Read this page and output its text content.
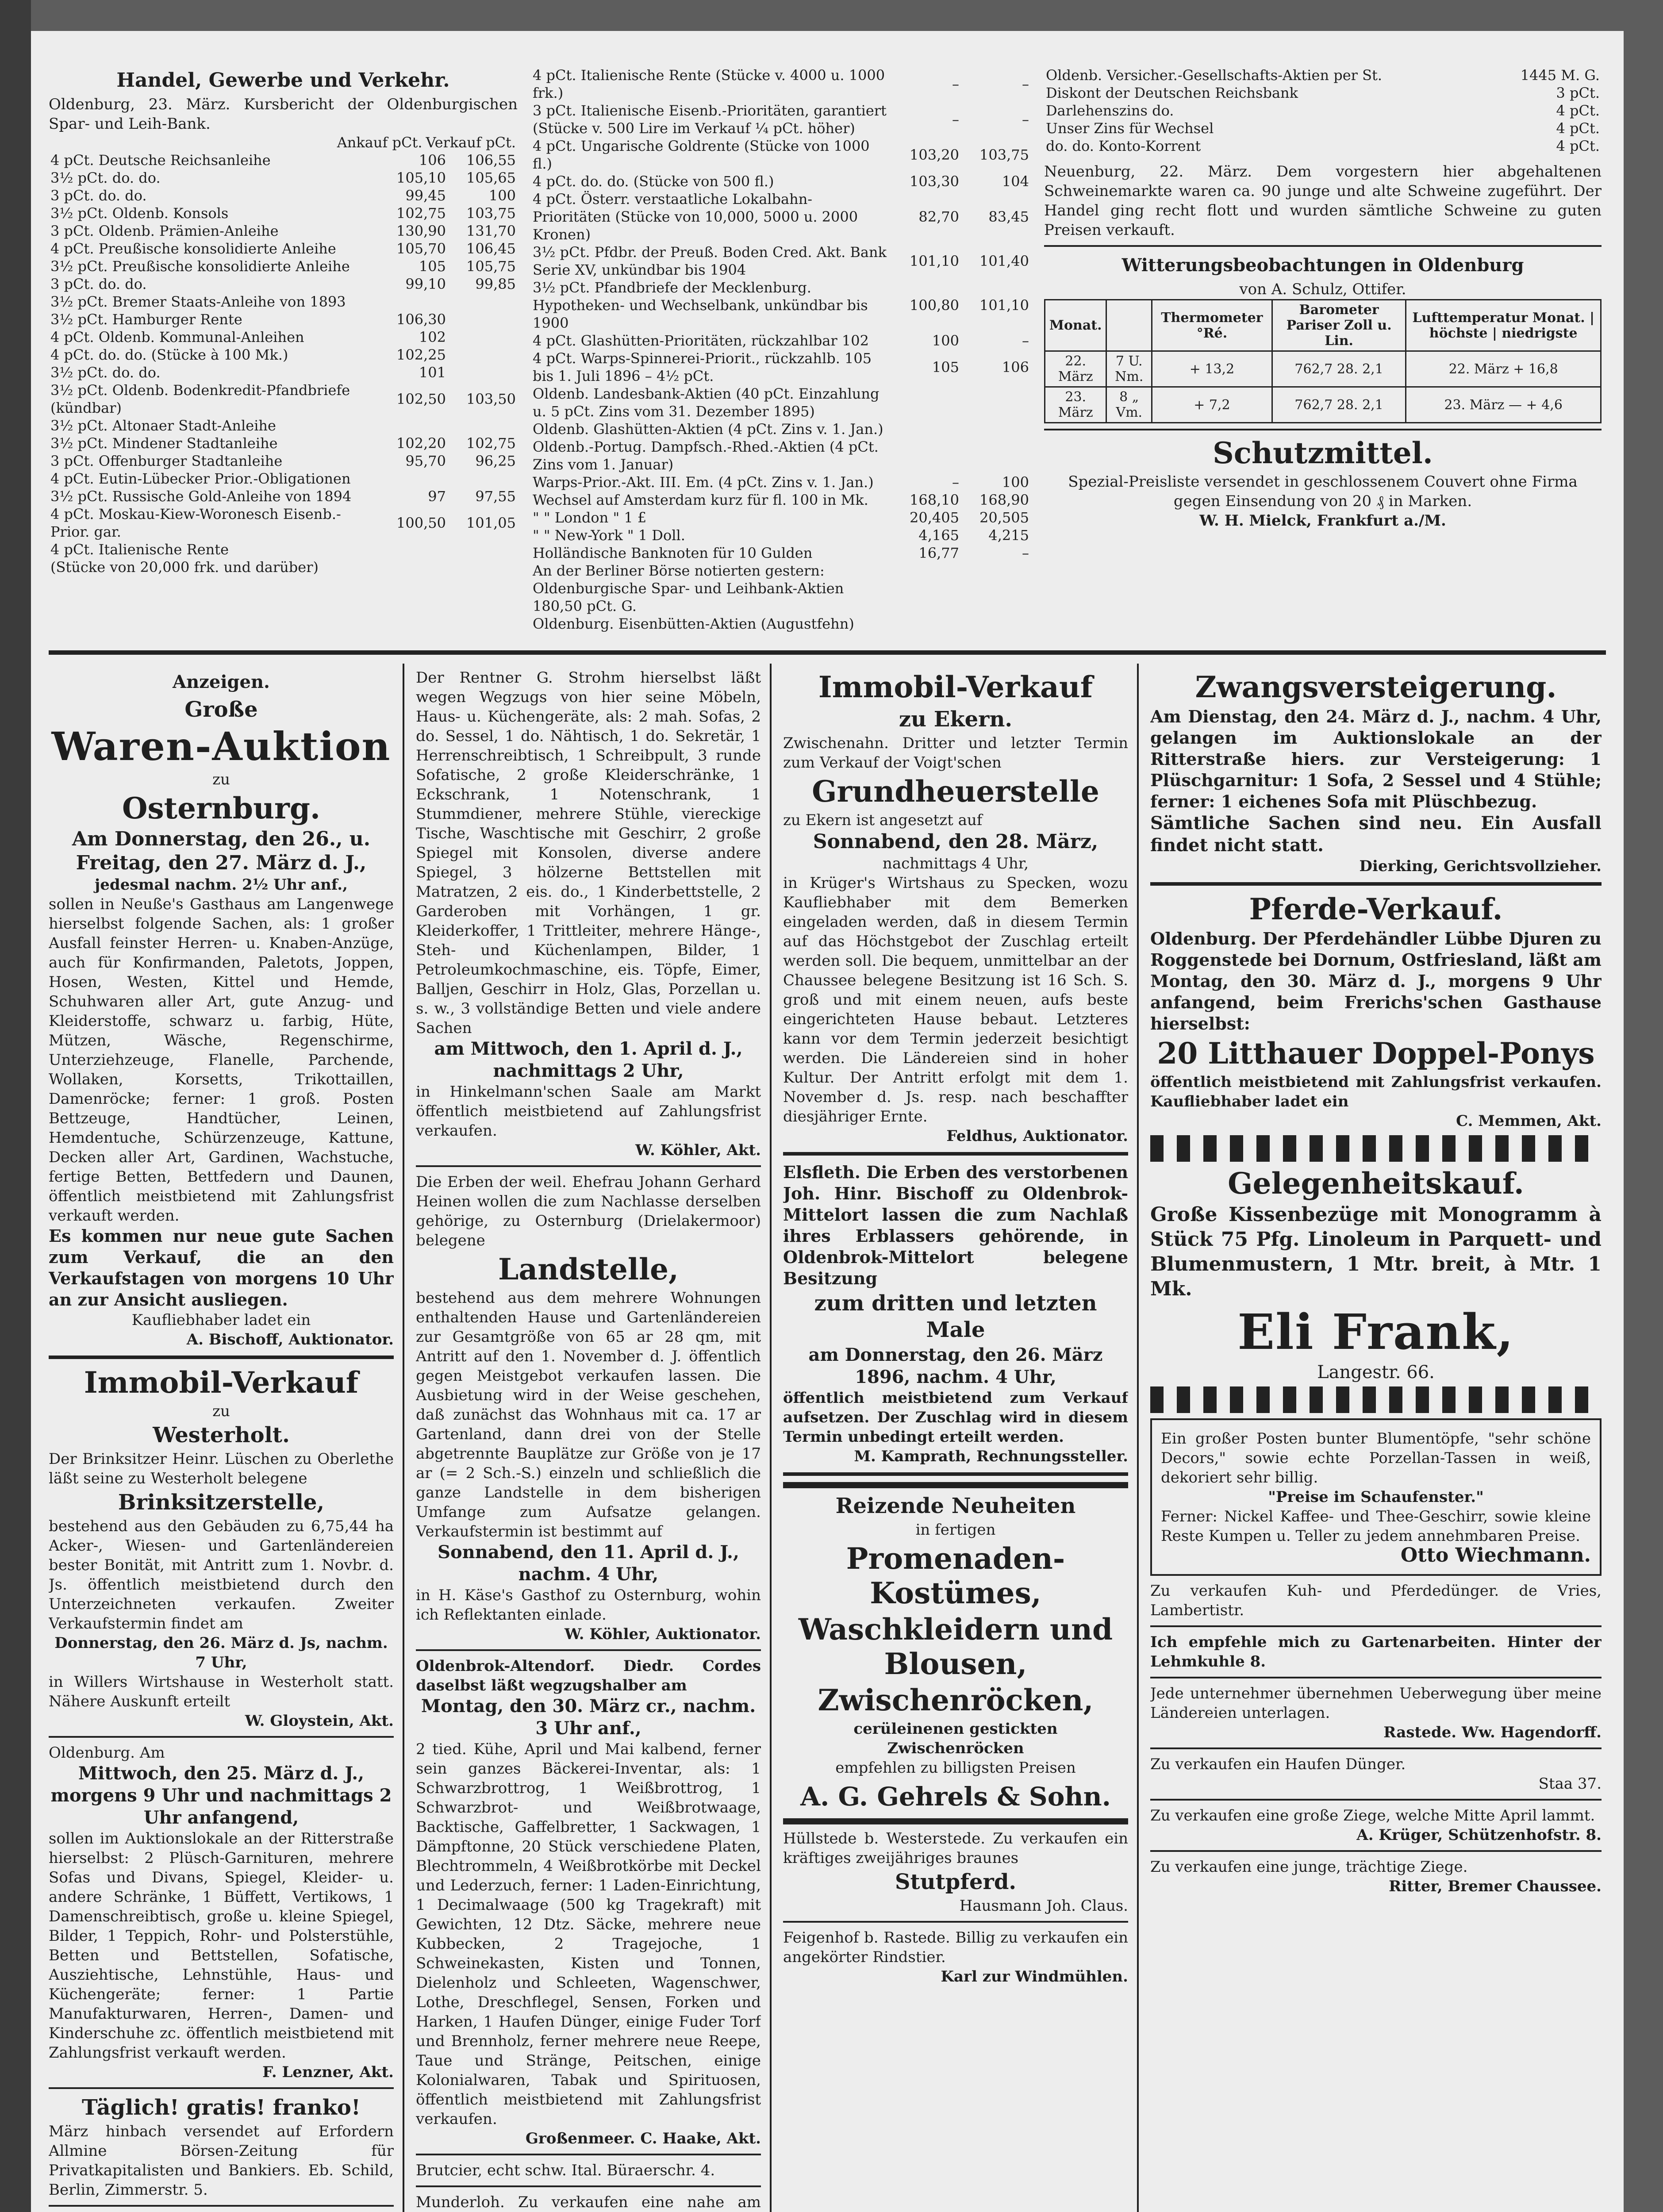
Handel, Gewerbe und Verkehr.

Oldenburg, 23. März. Kursbericht der Oldenburgischen Spar- und Leih-Bank.

	Ankauf pCt.	Verkauf pCt.
4 pCt. Deutsche Reichsanleihe	106	106,55
3½ pCt. do. do.	105,10	105,65
3 pCt. do. do.	99,45	100
3½ pCt. Oldenb. Konsols	102,75	103,75
3 pCt. Oldenb. Prämien-Anleihe	130,90	131,70
4 pCt. Preußische konsolidierte Anleihe	105,70	106,45
3½ pCt. Preußische konsolidierte Anleihe	105	105,75
3 pCt. do. do.	99,10	99,85
3½ pCt. Bremer Staats-Anleihe von 1893		
3½ pCt. Hamburger Rente	106,30	
4 pCt. Oldenb. Kommunal-Anleihen	102	
4 pCt. do. do. (Stücke à 100 Mk.)	102,25	
3½ pCt. do. do.	101	
3½ pCt. Oldenb. Bodenkredit-Pfandbriefe (kündbar)	102,50	103,50
3½ pCt. Altonaer Stadt-Anleihe		
3½ pCt. Mindener Stadtanleihe	102,20	102,75
3 pCt. Offenburger Stadtanleihe	95,70	96,25
4 pCt. Eutin-Lübecker Prior.-Obligationen		
3½ pCt. Russische Gold-Anleihe von 1894	97	97,55
4 pCt. Moskau-Kiew-Woronesch Eisenb.-Prior. gar.	100,50	101,05
4 pCt. Italienische Rente		
(Stücke von 20,000 frk. und darüber)		
4 pCt. Italienische Rente (Stücke v. 4000 u. 1000 frk.)	–	–
3 pCt. Italienische Eisenb.-Prioritäten, garantiert (Stücke v. 500 Lire im Verkauf ¼ pCt. höher)	–	–
4 pCt. Ungarische Goldrente (Stücke von 1000 fl.)	103,20	103,75
4 pCt. do. do. (Stücke von 500 fl.)	103,30	104
4 pCt. Österr. verstaatliche Lokalbahn-Prioritäten (Stücke von 10,000, 5000 u. 2000 Kronen)	82,70	83,45
3½ pCt. Pfdbr. der Preuß. Boden Cred. Akt. Bank Serie XV, unkündbar bis 1904	101,10	101,40
3½ pCt. Pfandbriefe der Mecklenburg. Hypotheken- und Wechselbank, unkündbar bis 1900	100,80	101,10
4 pCt. Glashütten-Prioritäten, rückzahlbar 102	100	–
4 pCt. Warps-Spinnerei-Priorit., rückzahlb. 105 bis 1. Juli 1896 – 4½ pCt.	105	106
Oldenb. Landesbank-Aktien (40 pCt. Einzahlung u. 5 pCt. Zins vom 31. Dezember 1895)		
Oldenb. Glashütten-Aktien (4 pCt. Zins v. 1. Jan.)		
Oldenb.-Portug. Dampfsch.-Rhed.-Aktien (4 pCt. Zins vom 1. Januar)		
Warps-Prior.-Akt. III. Em. (4 pCt. Zins v. 1. Jan.)	–	100
Wechsel auf Amsterdam kurz für fl. 100 in Mk.	168,10	168,90
" " London " 1 £	20,405	20,505
" " New-York " 1 Doll.	4,165	4,215
Holländische Banknoten für 10 Gulden	16,77	–
An der Berliner Börse notierten gestern:		
Oldenburgische Spar- und Leihbank-Aktien 180,50 pCt. G.		
Oldenburg. Eisenbütten-Aktien (Augustfehn)		
Oldenb. Versicher.-Gesellschafts-Aktien per St.	1445 M. G.
Diskont der Deutschen Reichsbank	3 pCt.
Darlehenszins do.	4 pCt.
Unser Zins für Wechsel	4 pCt.
do. do. Konto-Korrent	4 pCt.

Neuenburg, 22. März. Dem vorgestern hier abgehaltenen Schweinemarkte waren ca. 90 junge und alte Schweine zugeführt. Der Handel ging recht flott und wurden sämtliche Schweine zu guten Preisen verkauft.

Witterungsbeobachtungen in Oldenburg

von A. Schulz, Ottifer.

Monat.		Thermometer °Ré.	Barometer Pariser Zoll u. Lin.	Lufttemperatur Monat. | höchste | niedrigste
22. März	7 U. Nm.	+ 13,2	762,7 28. 2,1	22. März + 16,8
23. März	8 „ Vm.	+ 7,2	762,7 28. 2,1	23. März — + 4,6
Schutzmittel.

Spezial-Preisliste versendet in geschlossenem Couvert ohne Firma gegen Einsendung von 20 ₰ in Marken.

W. H. Mielck, Frankfurt a./M.

Anzeigen.
Große
Waren-Auktion

zu

Osternburg.

Am Donnerstag, den 26., u. Freitag, den 27. März d. J.,

jedesmal nachm. 2½ Uhr anf.,

sollen in Neuße's Gasthaus am Langenwege hierselbst folgende Sachen, als: 1 großer Ausfall feinster Herren- u. Knaben-Anzüge, auch für Konfirmanden, Paletots, Joppen, Hosen, Westen, Kittel und Hemde, Schuhwaren aller Art, gute Anzug- und Kleiderstoffe, schwarz u. farbig, Hüte, Mützen, Wäsche, Regenschirme, Unterziehzeuge, Flanelle, Parchende, Wollaken, Korsetts, Trikottaillen, Damenröcke; ferner: 1 groß. Posten Bettzeuge, Handtücher, Leinen, Hemdentuche, Schürzenzeuge, Kattune, Decken aller Art, Gardinen, Wachstuche, fertige Betten, Bettfedern und Daunen, öffentlich meistbietend mit Zahlungsfrist verkauft werden.

Es kommen nur neue gute Sachen zum Verkauf, die an den Verkaufstagen von morgens 10 Uhr an zur Ansicht ausliegen.

Kaufliebhaber ladet ein

A. Bischoff, Auktionator.

Immobil-Verkauf

zu

Westerholt.

Der Brinksitzer Heinr. Lüschen zu Oberlethe läßt seine zu Westerholt belegene

Brinksitzerstelle,

bestehend aus den Gebäuden zu 6,75,44 ha Acker-, Wiesen- und Gartenländereien bester Bonität, mit Antritt zum 1. Novbr. d. Js. öffentlich meistbietend durch den Unterzeichneten verkaufen. Zweiter Verkaufstermin findet am

Donnerstag, den 26. März d. Js, nachm. 7 Uhr,

in Willers Wirtshause in Westerholt statt. Nähere Auskunft erteilt

W. Gloystein, Akt.

Oldenburg. Am

Mittwoch, den 25. März d. J., morgens 9 Uhr und nachmittags 2 Uhr anfangend,

sollen im Auktionslokale an der Ritterstraße hierselbst: 2 Plüsch-Garnituren, mehrere Sofas und Divans, Spiegel, Kleider- u. andere Schränke, 1 Büffett, Vertikows, 1 Damenschreibtisch, große u. kleine Spiegel, Bilder, 1 Teppich, Rohr- und Polsterstühle, Betten und Bettstellen, Sofatische, Ausziehtische, Lehnstühle, Haus- und Küchengeräte; ferner: 1 Partie Manufakturwaren, Herren-, Damen- und Kinderschuhe zc. öffentlich meistbietend mit Zahlungsfrist verkauft werden.

F. Lenzner, Akt.

Täglich! gratis! franko!

März hinbach versendet auf Erfordern Allmine Börsen-Zeitung für Privatkapitalisten und Bankiers. Eb. Schild, Berlin, Zimmerstr. 5.

Der Rentner G. Strohm hierselbst läßt wegen Wegzugs von hier seine Möbeln, Haus- u. Küchengeräte, als: 2 mah. Sofas, 2 do. Sessel, 1 do. Nähtisch, 1 do. Sekretär, 1 Herrenschreibtisch, 1 Schreibpult, 3 runde Sofatische, 2 große Kleiderschränke, 1 Eckschrank, 1 Notenschrank, 1 Stummdiener, mehrere Stühle, viereckige Tische, Waschtische mit Geschirr, 2 große Spiegel mit Konsolen, diverse andere Spiegel, 3 hölzerne Bettstellen mit Matratzen, 2 eis. do., 1 Kinderbettstelle, 2 Garderoben mit Vorhängen, 1 gr. Kleiderkoffer, 1 Trittleiter, mehrere Hänge-, Steh- und Küchenlampen, Bilder, 1 Petroleumkochmaschine, eis. Töpfe, Eimer, Balljen, Geschirr in Holz, Glas, Porzellan u. s. w., 3 vollständige Betten und viele andere Sachen

am Mittwoch, den 1. April d. J., nachmittags 2 Uhr,

in Hinkelmann'schen Saale am Markt öffentlich meistbietend auf Zahlungsfrist verkaufen.

W. Köhler, Akt.

Die Erben der weil. Ehefrau Johann Gerhard Heinen wollen die zum Nachlasse derselben gehörige, zu Osternburg (Drielakermoor) belegene

Landstelle,

bestehend aus dem mehrere Wohnungen enthaltenden Hause und Gartenländereien zur Gesamtgröße von 65 ar 28 qm, mit Antritt auf den 1. November d. J. öffentlich gegen Meistgebot verkaufen lassen. Die Ausbietung wird in der Weise geschehen, daß zunächst das Wohnhaus mit ca. 17 ar Gartenland, dann drei von der Stelle abgetrennte Bauplätze zur Größe von je 17 ar (= 2 Sch.-S.) einzeln und schließlich die ganze Landstelle in dem bisherigen Umfange zum Aufsatze gelangen. Verkaufstermin ist bestimmt auf

Sonnabend, den 11. April d. J., nachm. 4 Uhr,

in H. Käse's Gasthof zu Osternburg, wohin ich Reflektanten einlade.

W. Köhler, Auktionator.

Oldenbrok-Altendorf. Diedr. Cordes daselbst läßt wegzugshalber am

Montag, den 30. März cr., nachm. 3 Uhr anf.,

2 tied. Kühe, April und Mai kalbend, ferner sein ganzes Bäckerei-Inventar, als: 1 Schwarzbrottrog, 1 Weißbrottrog, 1 Schwarzbrot- und Weißbrotwaage, Backtische, Gaffelbretter, 1 Sackwagen, 1 Dämpftonne, 20 Stück verschiedene Platen, Blechtrommeln, 4 Weißbrotkörbe mit Deckel und Lederzuch, ferner: 1 Laden-Einrichtung, 1 Decimalwaage (500 kg Tragekraft) mit Gewichten, 12 Dtz. Säcke, mehrere neue Kubbecken, 2 Tragejoche, 1 Schweinekasten, Kisten und Tonnen, Dielenholz und Schleeten, Wagenschwer, Lothe, Dreschflegel, Sensen, Forken und Harken, 1 Haufen Dünger, einige Fuder Torf und Brennholz, ferner mehrere neue Reepe, Taue und Stränge, Peitschen, einige Kolonialwaren, Tabak und Spirituosen, öffentlich meistbietend mit Zahlungsfrist verkaufen.

Großenmeer. C. Haake, Akt.

Brutcier, echt schw. Ital. Büraerschr. 4.

Munderloh. Zu verkaufen eine nahe am

Immobil-Verkauf
zu Ekern.

Zwischenahn. Dritter und letzter Termin zum Verkauf der Voigt'schen

Grundheuerstelle

zu Ekern ist angesetzt auf

Sonnabend, den 28. März,

nachmittags 4 Uhr,

in Krüger's Wirtshaus zu Specken, wozu Kaufliebhaber mit dem Bemerken eingeladen werden, daß in diesem Termin auf das Höchstgebot der Zuschlag erteilt werden soll. Die bequem, unmittelbar an der Chaussee belegene Besitzung ist 16 Sch. S. groß und mit einem neuen, aufs beste eingerichteten Hause bebaut. Letzteres kann vor dem Termin jederzeit besichtigt werden. Die Ländereien sind in hoher Kultur. Der Antritt erfolgt mit dem 1. November d. Js. resp. nach beschaffter diesjähriger Ernte.

Feldhus, Auktionator.

Elsfleth. Die Erben des verstorbenen Joh. Hinr. Bischoff zu Oldenbrok-Mittelort lassen die zum Nachlaß ihres Erblassers gehörende, in Oldenbrok-Mittelort belegene Besitzung

zum dritten und letzten Male

am Donnerstag, den 26. März 1896, nachm. 4 Uhr,

öffentlich meistbietend zum Verkauf aufsetzen. Der Zuschlag wird in diesem Termin unbedingt erteilt werden.

M. Kamprath, Rechnungssteller.

Reizende Neuheiten

in fertigen

Promenaden-Kostümes,
Waschkleidern und Blousen,
Zwischenröcken,

cerüleinenen gestickten Zwischenröcken

empfehlen zu billigsten Preisen

A. G. Gehrels & Sohn.

Hüllstede b. Westerstede. Zu verkaufen ein kräftiges zweijähriges braunes

Stutpferd.

Hausmann Joh. Claus.

Feigenhof b. Rastede. Billig zu verkaufen ein angekörter Rindstier.

Karl zur Windmühlen.

Zwangsversteigerung.

Am Dienstag, den 24. März d. J., nachm. 4 Uhr, gelangen im Auktionslokale an der Ritterstraße hiers. zur Versteigerung: 1 Plüschgarnitur: 1 Sofa, 2 Sessel und 4 Stühle; ferner: 1 eichenes Sofa mit Plüschbezug.

Sämtliche Sachen sind neu. Ein Ausfall findet nicht statt.

Dierking, Gerichtsvollzieher.

Pferde-Verkauf.

Oldenburg. Der Pferdehändler Lübbe Djuren zu Roggenstede bei Dornum, Ostfriesland, läßt am Montag, den 30. März d. J., morgens 9 Uhr anfangend, beim Frerichs'schen Gasthause hierselbst:

20 Litthauer Doppel-Ponys

öffentlich meistbietend mit Zahlungsfrist verkaufen. Kaufliebhaber ladet ein

C. Memmen, Akt.

Gelegenheitskauf.

Große Kissenbezüge mit Monogramm à Stück 75 Pfg. Linoleum in Parquett- und Blumenmustern, 1 Mtr. breit, à Mtr. 1 Mk.

Eli Frank,

Langestr. 66.

Ein großer Posten bunter Blumentöpfe, "sehr schöne Decors," sowie echte Porzellan-Tassen in weiß, dekoriert sehr billig.

"Preise im Schaufenster."

Ferner: Nickel Kaffee- und Thee-Geschirr, sowie kleine Reste Kumpen u. Teller zu jedem annehmbaren Preise.

Otto Wiechmann.

Zu verkaufen Kuh- und Pferdedünger. de Vries, Lambertistr.

Ich empfehle mich zu Gartenarbeiten. Hinter der Lehmkuhle 8.

Jede unternehmer übernehmen Ueberwegung über meine Ländereien unterlagen.

Rastede. Ww. Hagendorff.

Zu verkaufen ein Haufen Dünger.

Staa 37.

Zu verkaufen eine große Ziege, welche Mitte April lammt.

A. Krüger, Schützenhofstr. 8.

Zu verkaufen eine junge, trächtige Ziege.

Ritter, Bremer Chaussee.
